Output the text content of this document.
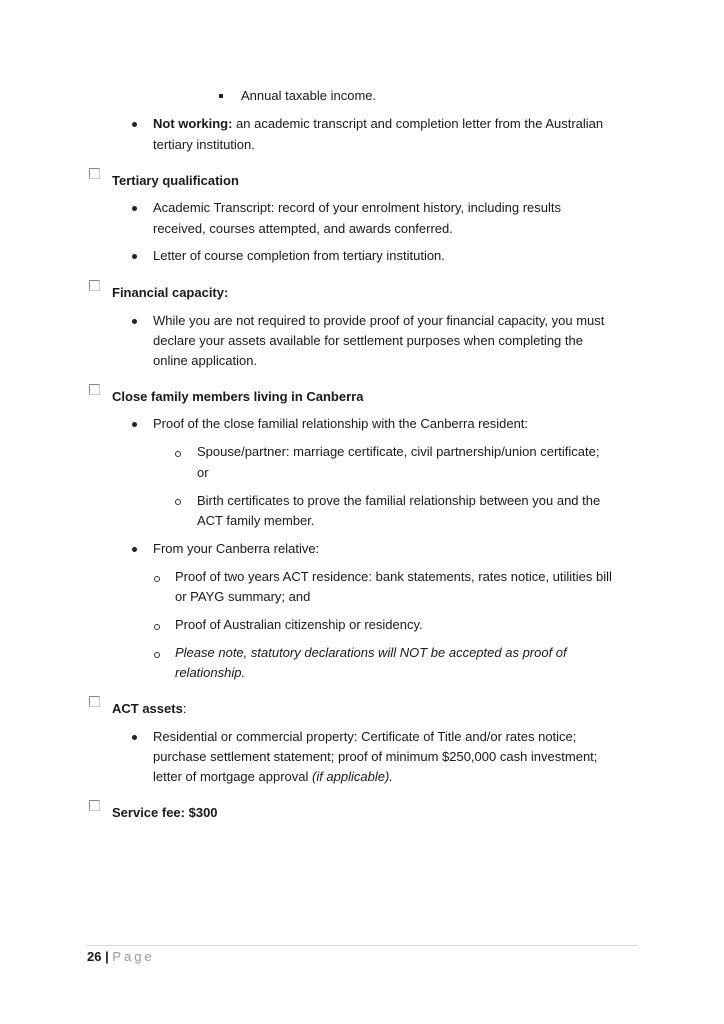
Annual taxable income.
Not working: an academic transcript and completion letter from the Australian
tertiary institution.
Tertiary qualification
Academic Transcript: record of your enrolment history, including results
received, courses attempted, and awards conferred.
Letter of course completion from tertiary institution.
Financial capacity:
While you are not required to provide proof of your financial capacity, you must
declare your assets available for settlement purposes when completing the
online application.
Close family members living in Canberra
Proof of the close familial relationship with the Canberra resident:
Spouse/partner: marriage certificate, civil partnership/union certificate;
or
Birth certificates to prove the familial relationship between you and the
ACT family member.
From your Canberra relative:
Proof of two years ACT residence: bank statements, rates notice, utilities bill
or PAYG summary; and
Proof of Australian citizenship or residency.
Please note, statutory declarations will NOT be accepted as proof of
relationship.
ACT assets:
Residential or commercial property: Certificate of Title and/or rates notice;
purchase settlement statement; proof of minimum $250,000 cash investment;
letter of mortgage approval (if applicable).
Service fee: $300
26 | Page
